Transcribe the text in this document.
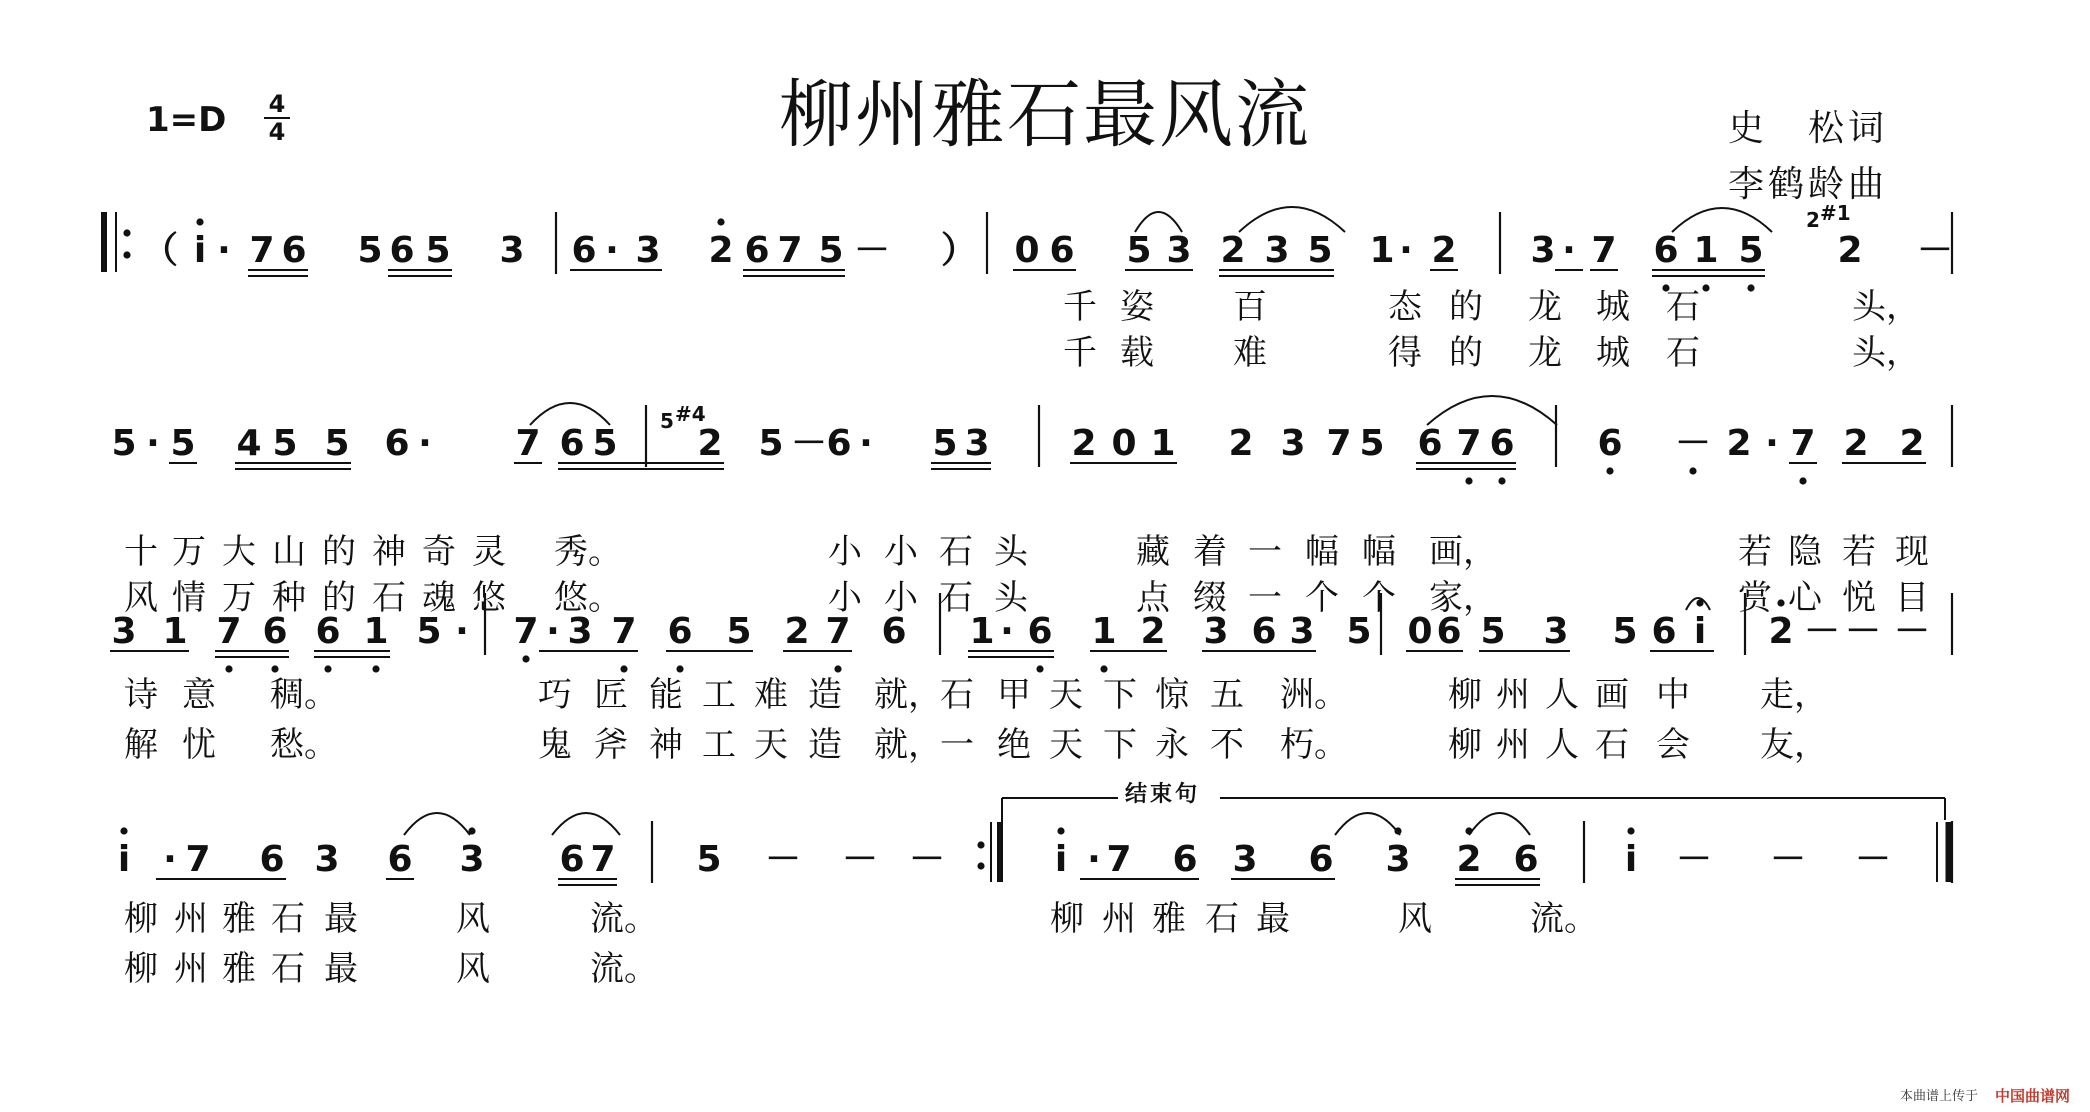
柳州雅石最风流
1=D 4
4	史　松词
李鹤龄曲
（ i · 7 6 5 6 5 3 6 · 3 2 6 7 5 － ） 0 6 5 3 2 3 5 1 · 2 3 · 7 6 1 5 2 －
千 姿 百	态 的 龙 城 石	头，
千 载 难	得 的 龙 城 石	头，
5 · 5 4 5 5 6 · 7 6 5 2 5 － 6 · 5 3 2 0 1 2 3 7 5 6 7 6 6 － 2 · 7 2 2
十 万 大 山 的 神 奇 灵 秀。	小 小 石 头	藏 着 一 幅 幅 画，	若 隐 若 现
风 情 万 种 的 石 魂 悠 悠。	小 小 石 头	点 缀 一 个 个 家，	赏 心 悦 目
3 1 7 6 6 1 5 · 7 · 3 7 6 5 2 7 6 1 · 6 1 2 3 6 3 5 0 6 5 3 5 6 i 2 － － －
诗 意 稠。	巧 匠 能 工 难 造 就，
石 甲 天 下 惊 五 洲。	柳 州 人 画 中 走，
解 忧 愁。	鬼 斧 神 工 天 造 就，
一 绝 天 下 永 不 朽。	柳 州 人 石 会 友，
i · 7 6 3 6 3 6 7 5 － － －	i · 7 6 3 6 3 2 6 i － － －
柳 州 雅 石 最	风	流。	柳 州 雅 石 最	风	流。
柳 州 雅 石 最	风	流。
2 #1
5 #4
结束句
本曲谱上传于 中国曲谱网
